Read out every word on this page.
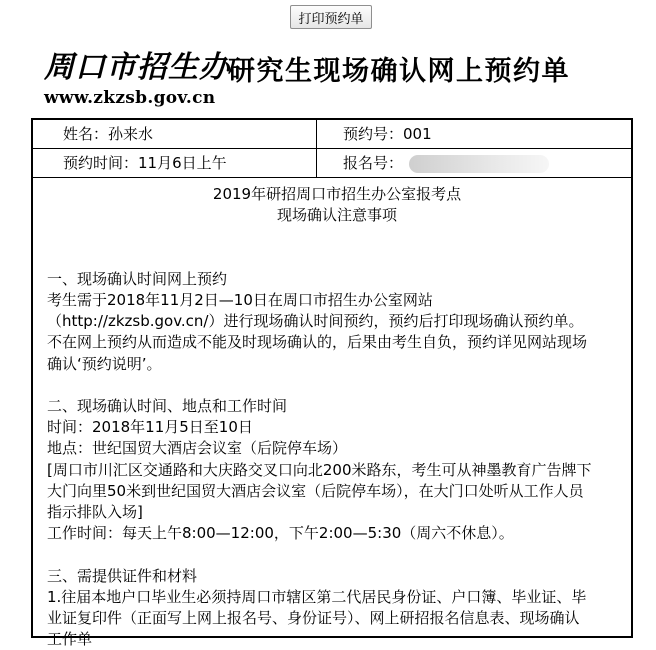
打印预约单
周口市招生办
www.zkzsb.gov.cn
研究生现场确认网上预约单
姓名：孙来水	预约号：001
预约时间：11月6日上午	报名号：

2019年研招周口市招生办公室报考点

现场确认注意事项

一、现场确认时间网上预约

考生需于2018年11月2日—10日在周口市招生办公室网站

（http://zkzsb.gov.cn/）进行现场确认时间预约，预约后打印现场确认预约单。

不在网上预约从而造成不能及时现场确认的，后果由考生自负，预约详见网站现场

确认‘预约说明’。

二、现场确认时间、地点和工作时间

时间：2018年11月5日至10日

地点：世纪国贸大酒店会议室（后院停车场）

[周口市川汇区交通路和大庆路交叉口向北200米路东，考生可从神墨教育广告牌下

大门向里50米到世纪国贸大酒店会议室（后院停车场），在大门口处听从工作人员

指示排队入场]

工作时间：每天上午8:00—12:00，下午2:00—5:30（周六不休息）。

三、需提供证件和材料

1.往届本地户口毕业生必须持周口市辖区第二代居民身份证、户口簿、毕业证、毕

业证复印件（正面写上网上报名号、身份证号）、网上研招报名信息表、现场确认

工作单
